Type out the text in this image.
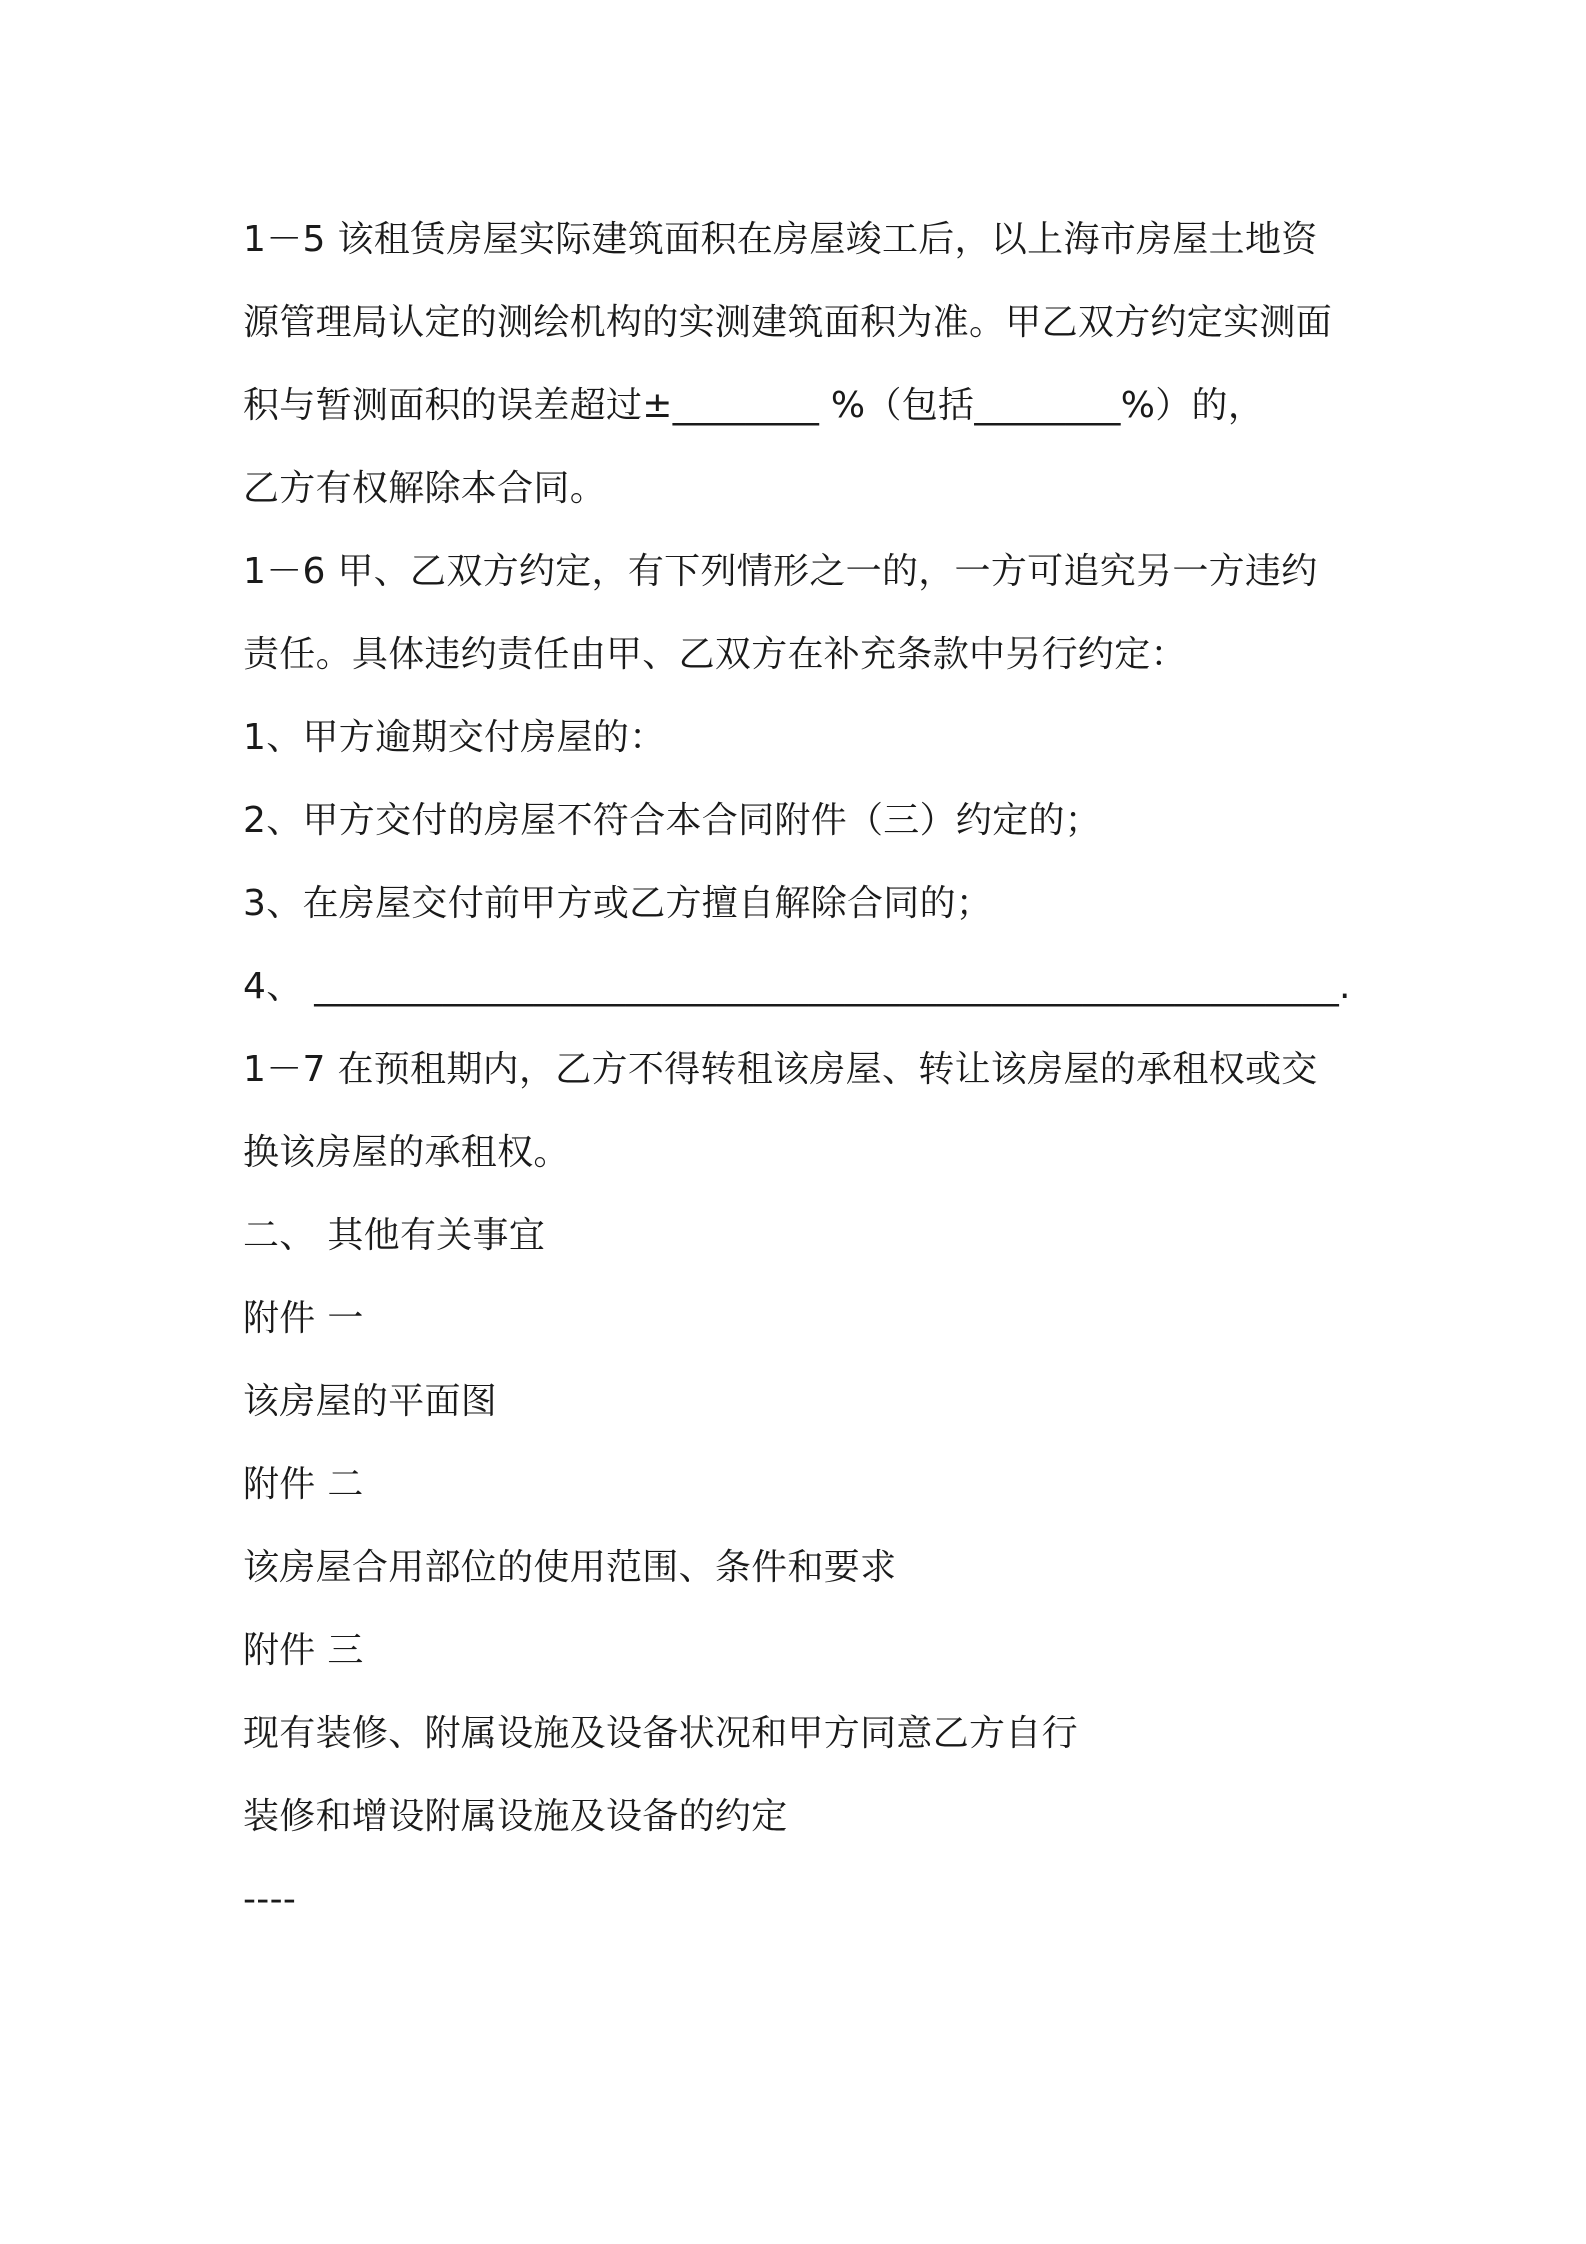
1－5 该租赁房屋实际建筑面积在房屋竣工后，以上海市房屋土地资

源管理局认定的测绘机构的实测建筑面积为准。甲乙双方约定实测面

积与暂测面积的误差超过±________ %（包括________%）的，

乙方有权解除本合同。

1－6 甲、乙双方约定，有下列情形之一的，一方可追究另一方违约

责任。具体违约责任由甲、乙双方在补充条款中另行约定：

1、甲方逾期交付房屋的：

2、甲方交付的房屋不符合本合同附件（三）约定的；

3、在房屋交付前甲方或乙方擅自解除合同的；

4、 ________________________________________________________.

1－7 在预租期内，乙方不得转租该房屋、转让该房屋的承租权或交

换该房屋的承租权。

二、 其他有关事宜

附件 一

该房屋的平面图

附件 二

该房屋合用部位的使用范围、条件和要求

附件 三

现有装修、附属设施及设备状况和甲方同意乙方自行

装修和增设附属设施及设备的约定

----
